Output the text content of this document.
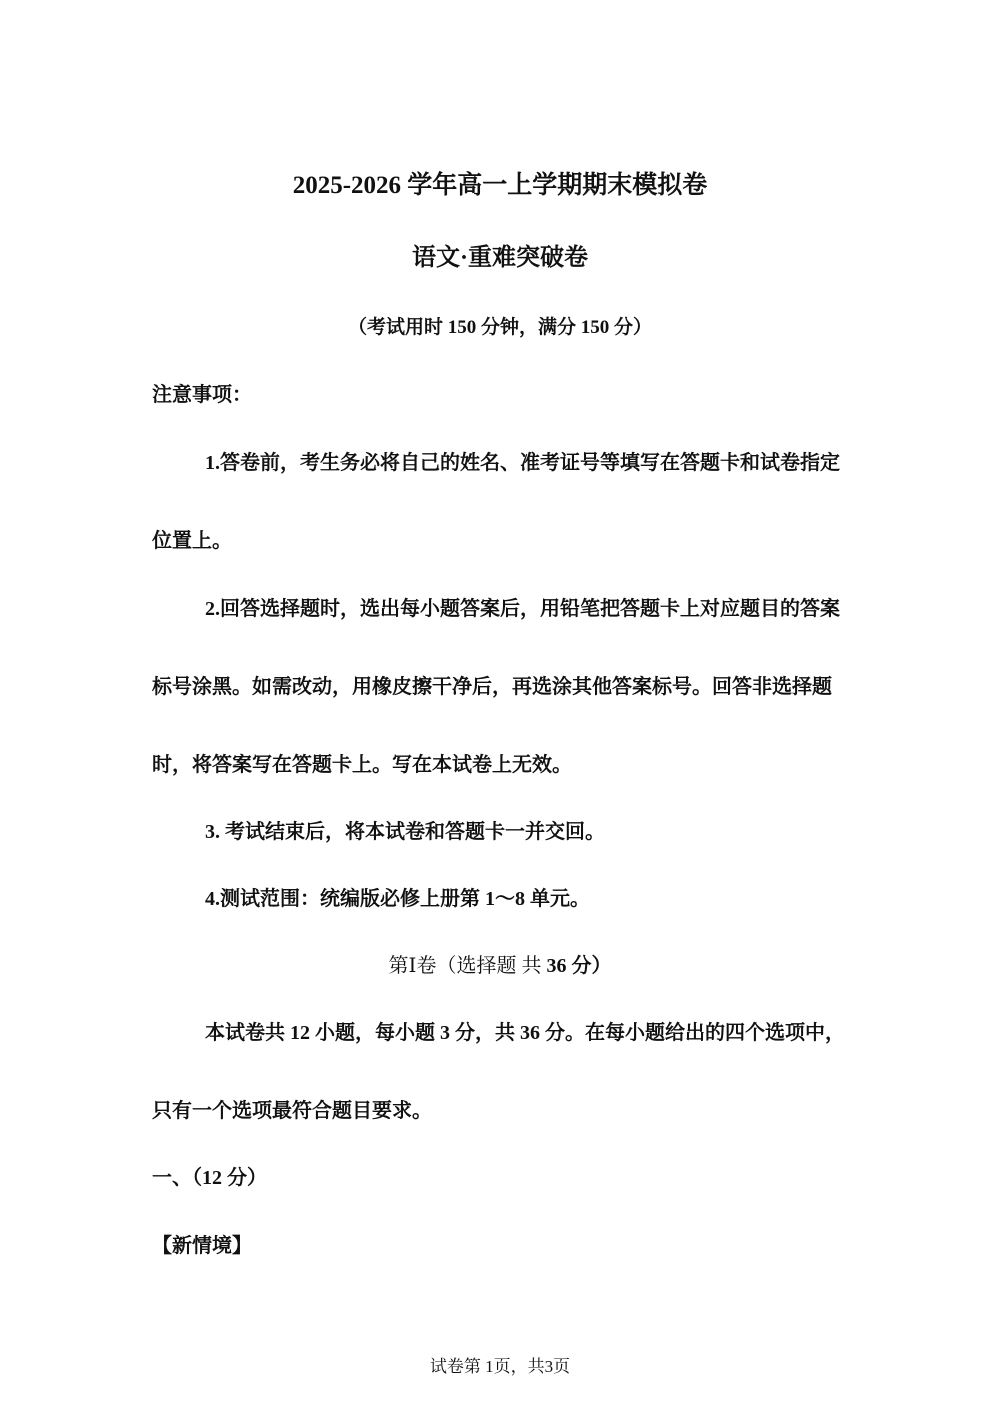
2025-2026 学年高一上学期期末模拟卷
语文·重难突破卷
（考试用时 150 分钟，满分 150 分）
注意事项：
1.答卷前，考生务必将自己的姓名、准考证号等填写在答题卡和试卷指定
位置上。
2.回答选择题时，选出每小题答案后，用铅笔把答题卡上对应题目的答案
标号涂黑。如需改动，用橡皮擦干净后，再选涂其他答案标号。回答非选择题
时，将答案写在答题卡上。写在本试卷上无效。
3. 考试结束后，将本试卷和答题卡一并交回。
4.测试范围：统编版必修上册第 1～8 单元。
第Ⅰ卷（选择题 共 36 分）
本试卷共 12 小题，每小题 3 分，共 36 分。在每小题给出的四个选项中，
只有一个选项最符合题目要求。
一、（12 分）
【新情境】
试卷第 1页，共3页
